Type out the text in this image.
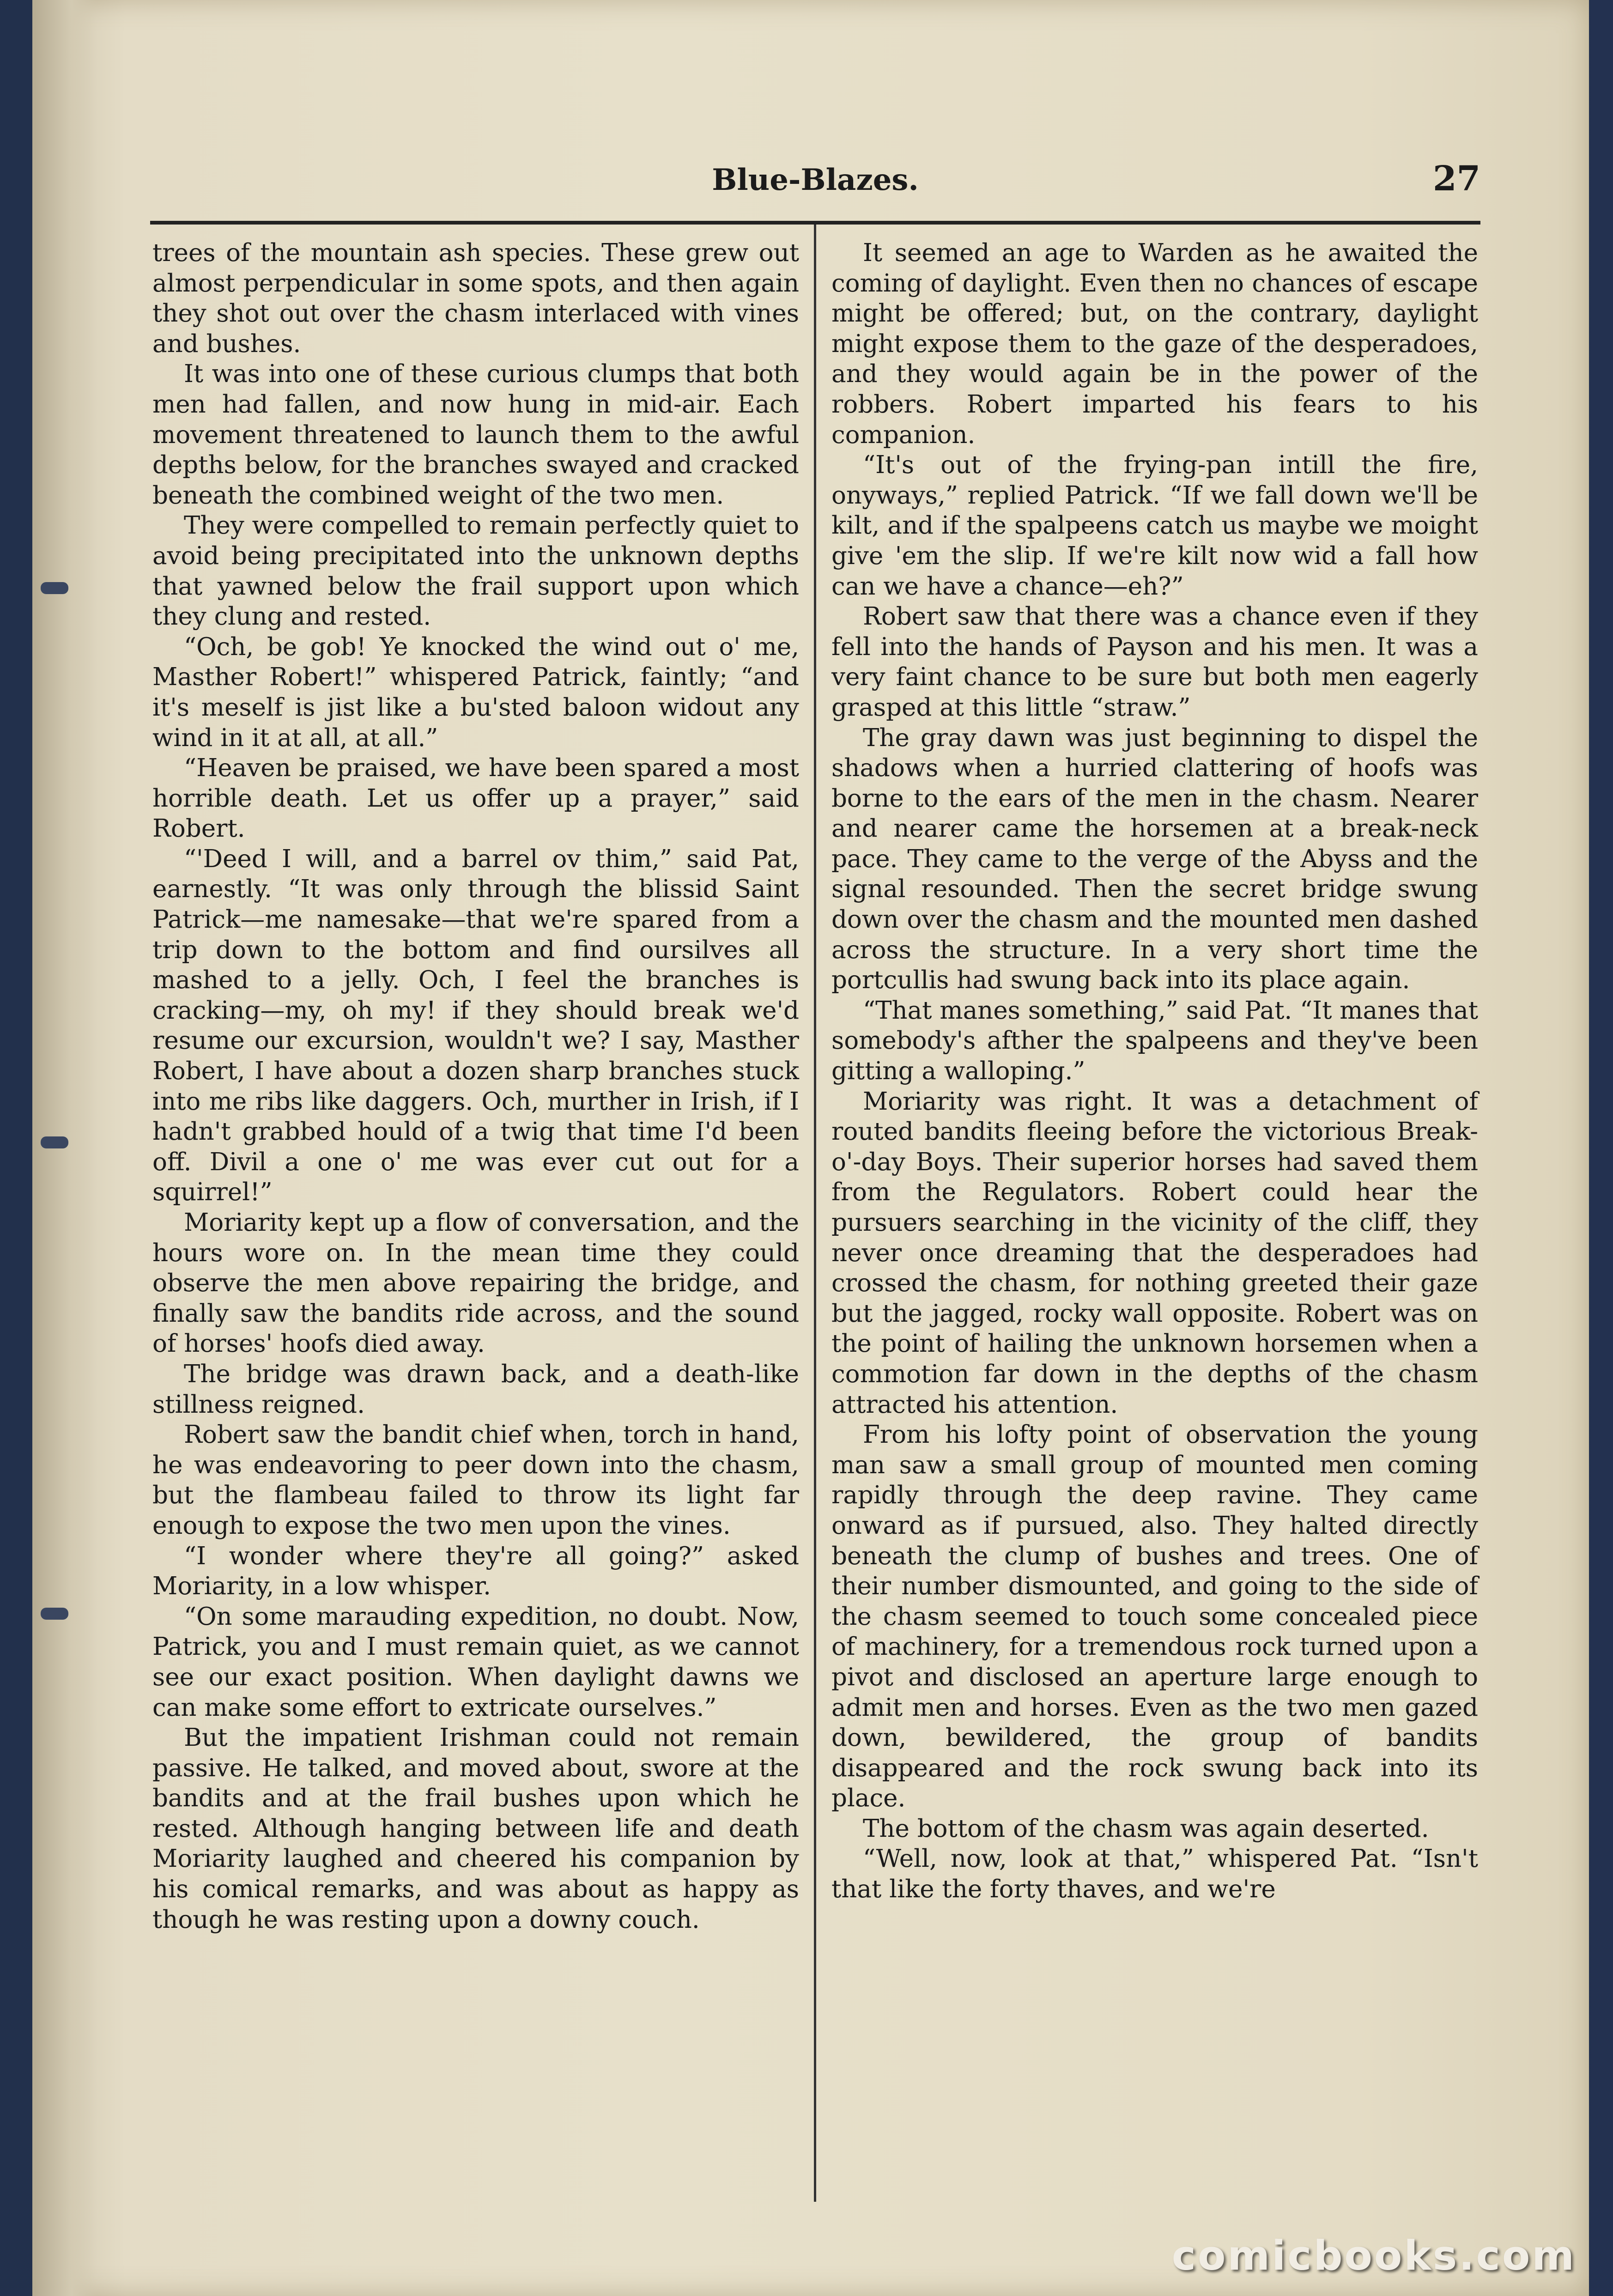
Blue-Blazes.	27

trees of the mountain ash species. These grew out almost perpendicular in some spots, and then again they shot out over the chasm interlaced with vines and bushes.

It was into one of these curious clumps that both men had fallen, and now hung in mid-air. Each movement threatened to launch them to the awful depths below, for the branches swayed and cracked beneath the combined weight of the two men.

They were compelled to remain perfectly quiet to avoid being precipitated into the unknown depths that yawned below the frail support upon which they clung and rested.

“Och, be gob! Ye knocked the wind out o' me, Masther Robert!” whispered Patrick, faintly; “and it's meself is jist like a bu'sted baloon widout any wind in it at all, at all.”

“Heaven be praised, we have been spared a most horrible death. Let us offer up a prayer,” said Robert.

“'Deed I will, and a barrel ov thim,” said Pat, earnestly. “It was only through the blissid Saint Patrick—me namesake—that we're spared from a trip down to the bottom and find oursilves all mashed to a jelly. Och, I feel the branches is cracking—my, oh my! if they should break we'd resume our excursion, wouldn't we? I say, Masther Robert, I have about a dozen sharp branches stuck into me ribs like daggers. Och, murther in Irish, if I hadn't grabbed hould of a twig that time I'd been off. Divil a one o' me was ever cut out for a squirrel!”

Moriarity kept up a flow of conversation, and the hours wore on. In the mean time they could observe the men above repairing the bridge, and finally saw the bandits ride across, and the sound of horses' hoofs died away.

The bridge was drawn back, and a death-like stillness reigned.

Robert saw the bandit chief when, torch in hand, he was endeavoring to peer down into the chasm, but the flambeau failed to throw its light far enough to expose the two men upon the vines.

“I wonder where they're all going?” asked Moriarity, in a low whisper.

“On some marauding expedition, no doubt. Now, Patrick, you and I must remain quiet, as we cannot see our exact position. When daylight dawns we can make some effort to extricate ourselves.”

But the impatient Irishman could not remain passive. He talked, and moved about, swore at the bandits and at the frail bushes upon which he rested. Although hanging between life and death Moriarity laughed and cheered his companion by his comical remarks, and was about as happy as though he was resting upon a downy couch.

It seemed an age to Warden as he awaited the coming of daylight. Even then no chances of escape might be offered; but, on the contrary, daylight might expose them to the gaze of the desperadoes, and they would again be in the power of the robbers. Robert imparted his fears to his companion.

“It's out of the frying-pan intill the fire, onyways,” replied Patrick. “If we fall down we'll be kilt, and if the spalpeens catch us maybe we moight give 'em the slip. If we're kilt now wid a fall how can we have a chance—eh?”

Robert saw that there was a chance even if they fell into the hands of Payson and his men. It was a very faint chance to be sure but both men eagerly grasped at this little “straw.”

The gray dawn was just beginning to dispel the shadows when a hurried clattering of hoofs was borne to the ears of the men in the chasm. Nearer and nearer came the horsemen at a break-neck pace. They came to the verge of the Abyss and the signal resounded. Then the secret bridge swung down over the chasm and the mounted men dashed across the structure. In a very short time the portcullis had swung back into its place again.

“That manes something,” said Pat. “It manes that somebody's afther the spalpeens and they've been gitting a walloping.”

Moriarity was right. It was a detachment of routed bandits fleeing before the victorious Break-o'-day Boys. Their superior horses had saved them from the Regulators. Robert could hear the pursuers searching in the vicinity of the cliff, they never once dreaming that the desperadoes had crossed the chasm, for nothing greeted their gaze but the jagged, rocky wall opposite. Robert was on the point of hailing the unknown horsemen when a commotion far down in the depths of the chasm attracted his attention.

From his lofty point of observation the young man saw a small group of mounted men coming rapidly through the deep ravine. They came onward as if pursued, also. They halted directly beneath the clump of bushes and trees. One of their number dismounted, and going to the side of the chasm seemed to touch some concealed piece of machinery, for a tremendous rock turned upon a pivot and disclosed an aperture large enough to admit men and horses. Even as the two men gazed down, bewildered, the group of bandits disappeared and the rock swung back into its place.

The bottom of the chasm was again deserted.

“Well, now, look at that,” whispered Pat. “Isn't that like the forty thaves, and we're

comicbooks.com
